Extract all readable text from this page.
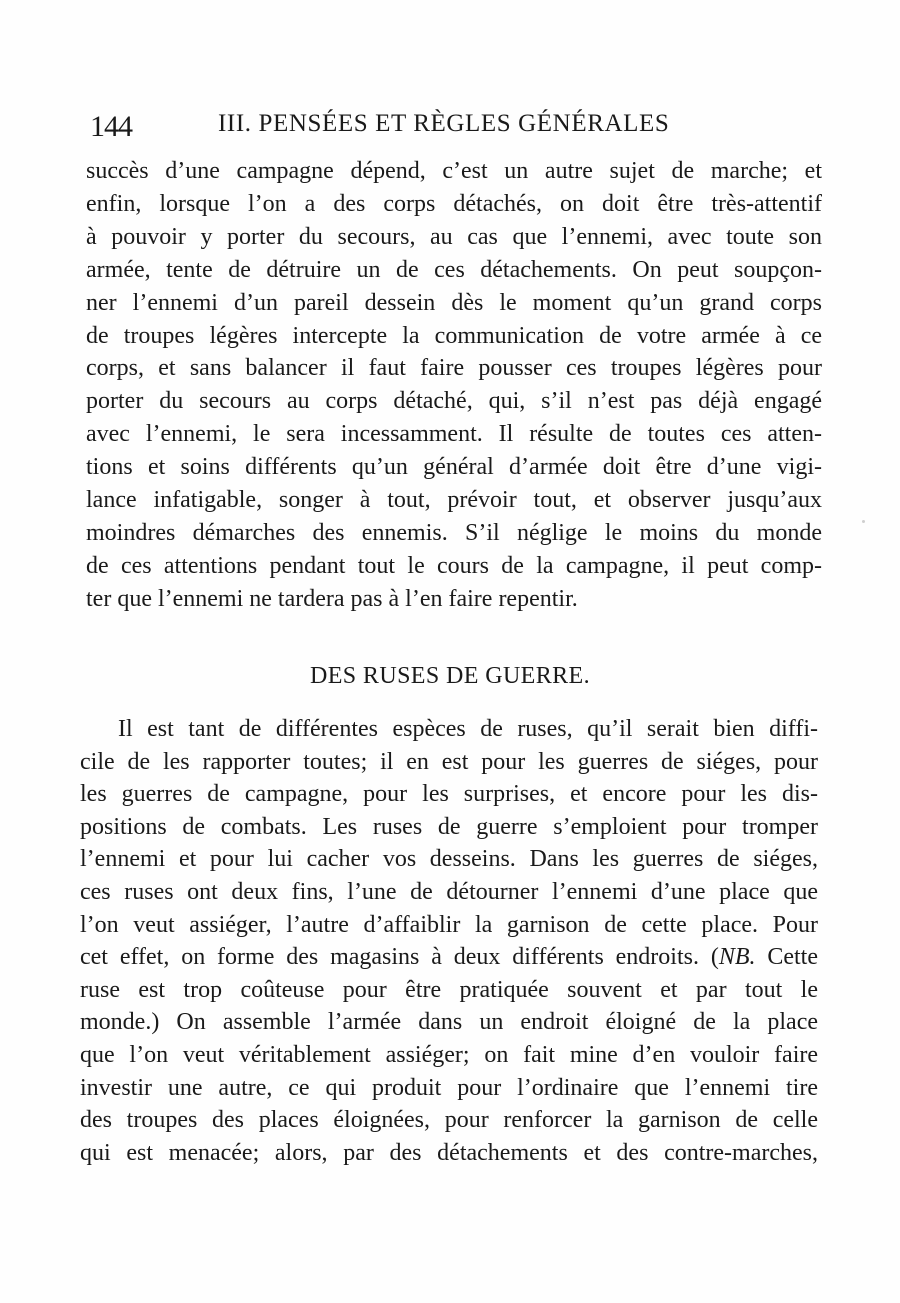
144	III. PENSÉES ET RÈGLES GÉNÉRALES

succès d’une campagne dépend, c’est un autre sujet de marche; et
enfin, lorsque l’on a des corps détachés, on doit être très-attentif
à pouvoir y porter du secours, au cas que l’ennemi, avec toute son
armée, tente de détruire un de ces détachements. On peut soupçon-
ner l’ennemi d’un pareil dessein dès le moment qu’un grand corps
de troupes légères intercepte la communication de votre armée à ce
corps, et sans balancer il faut faire pousser ces troupes légères pour
porter du secours au corps détaché, qui, s’il n’est pas déjà engagé
avec l’ennemi, le sera incessamment. Il résulte de toutes ces atten-
tions et soins différents qu’un général d’armée doit être d’une vigi-
lance infatigable, songer à tout, prévoir tout, et observer jusqu’aux
moindres démarches des ennemis. S’il néglige le moins du monde
de ces attentions pendant tout le cours de la campagne, il peut comp-
ter que l’ennemi ne tardera pas à l’en faire repentir.

DES RUSES DE GUERRE.

Il est tant de différentes espèces de ruses, qu’il serait bien diffi-
cile de les rapporter toutes; il en est pour les guerres de siéges, pour
les guerres de campagne, pour les surprises, et encore pour les dis-
positions de combats. Les ruses de guerre s’emploient pour tromper
l’ennemi et pour lui cacher vos desseins. Dans les guerres de siéges,
ces ruses ont deux fins, l’une de détourner l’ennemi d’une place que
l’on veut assiéger, l’autre d’affaiblir la garnison de cette place. Pour
cet effet, on forme des magasins à deux différents endroits. (NB. Cette
ruse est trop coûteuse pour être pratiquée souvent et par tout le
monde.) On assemble l’armée dans un endroit éloigné de la place
que l’on veut véritablement assiéger; on fait mine d’en vouloir faire
investir une autre, ce qui produit pour l’ordinaire que l’ennemi tire
des troupes des places éloignées, pour renforcer la garnison de celle
qui est menacée; alors, par des détachements et des contre-marches,
